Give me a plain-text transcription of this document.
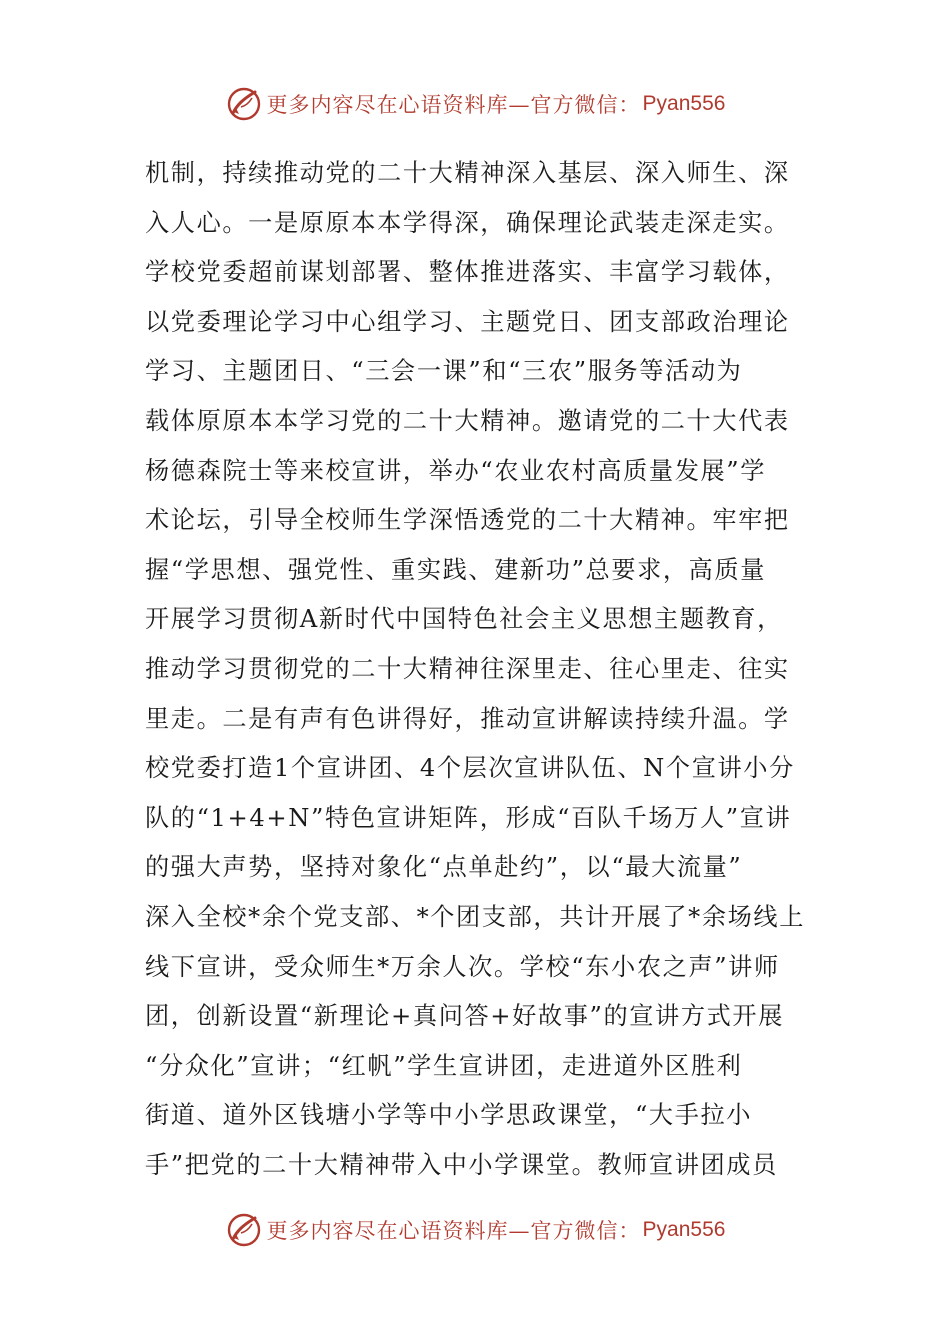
更多内容尽在心语资料库—官方微信： Pyan556
机制，持续推动党的二十大精神深入基层、深入师生、深
入人心。一是原原本本学得深，确保理论武装走深走实。
学校党委超前谋划部署、整体推进落实、丰富学习载体，
以党委理论学习中心组学习、主题党日、团支部政治理论
学习、主题团日、“三会一课”和“三农”服务等活动为
载体原原本本学习党的二十大精神。邀请党的二十大代表
杨德森院士等来校宣讲，举办“农业农村高质量发展”学
术论坛，引导全校师生学深悟透党的二十大精神。牢牢把
握“学思想、强党性、重实践、建新功”总要求，高质量
开展学习贯彻A新时代中国特色社会主义思想主题教育，
推动学习贯彻党的二十大精神往深里走、往心里走、往实
里走。二是有声有色讲得好，推动宣讲解读持续升温。学
校党委打造1个宣讲团、4个层次宣讲队伍、N个宣讲小分
队的“1+4+N”特色宣讲矩阵，形成“百队千场万人”宣讲
的强大声势，坚持对象化“点单赴约”，以“最大流量”
深入全校*余个党支部、*个团支部，共计开展了*余场线上
线下宣讲，受众师生*万余人次。学校“东小农之声”讲师
团，创新设置“新理论+真问答+好故事”的宣讲方式开展
“分众化”宣讲；“红帆”学生宣讲团，走进道外区胜利
街道、道外区钱塘小学等中小学思政课堂，“大手拉小
手”把党的二十大精神带入中小学课堂。教师宣讲团成员
更多内容尽在心语资料库—官方微信： Pyan556
